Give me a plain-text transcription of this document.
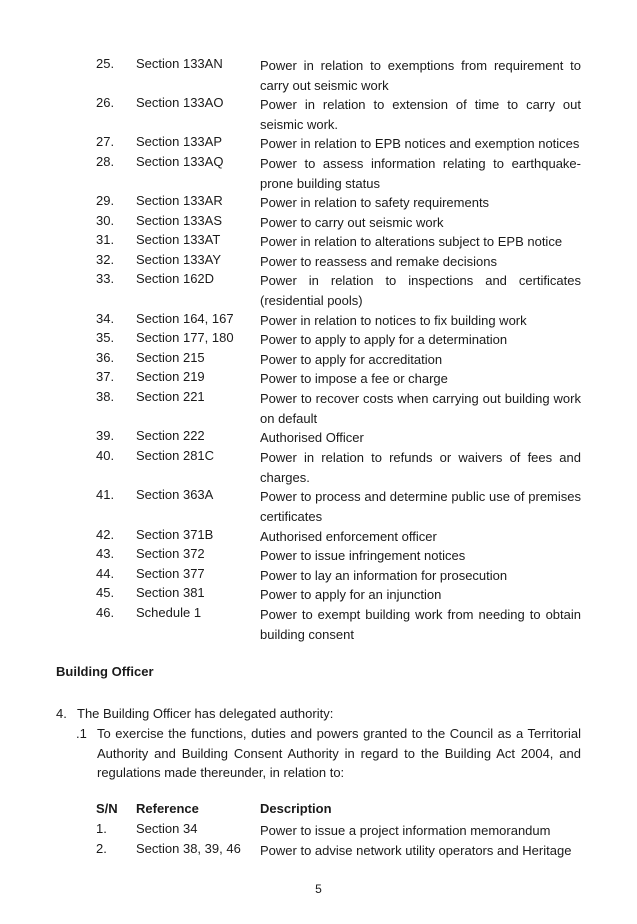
25. Section 133AN	Power in relation to exemptions from requirement to carry out seismic work
26. Section 133AO	Power in relation to extension of time to carry out seismic work.
27. Section 133AP	Power in relation to EPB notices and exemption notices
28. Section 133AQ	Power to assess information relating to earthquake-prone building status
29. Section 133AR	Power in relation to safety requirements
30. Section 133AS	Power to carry out seismic work
31. Section 133AT	Power in relation to alterations subject to EPB notice
32. Section 133AY	Power to reassess and remake decisions
33. Section 162D	Power in relation to inspections and certificates (residential pools)
34. Section 164, 167 Power in relation to notices to fix building work
35. Section 177, 180 Power to apply to apply for a determination
36. Section 215	Power to apply for accreditation
37. Section 219	Power to impose a fee or charge
38. Section 221	Power to recover costs when carrying out building work on default
39. Section 222	Authorised Officer
40. Section 281C	Power in relation to refunds or waivers of fees and charges.
41. Section 363A	Power to process and determine public use of premises certificates
42. Section 371B	Authorised enforcement officer
43. Section 372	Power to issue infringement notices
44. Section 377	Power to lay an information for prosecution
45. Section 381	Power to apply for an injunction
46. Schedule 1	Power to exempt building work from needing to obtain building consent
Building Officer
4. The Building Officer has delegated authority:
.1 To exercise the functions, duties and powers granted to the Council as a Territorial Authority and Building Consent Authority in regard to the Building Act 2004, and regulations made thereunder, in relation to:
S/N Reference	Description
1. Section 34	Power to issue a project information memorandum
2. Section 38, 39, 46 Power to advise network utility operators and Heritage
5
